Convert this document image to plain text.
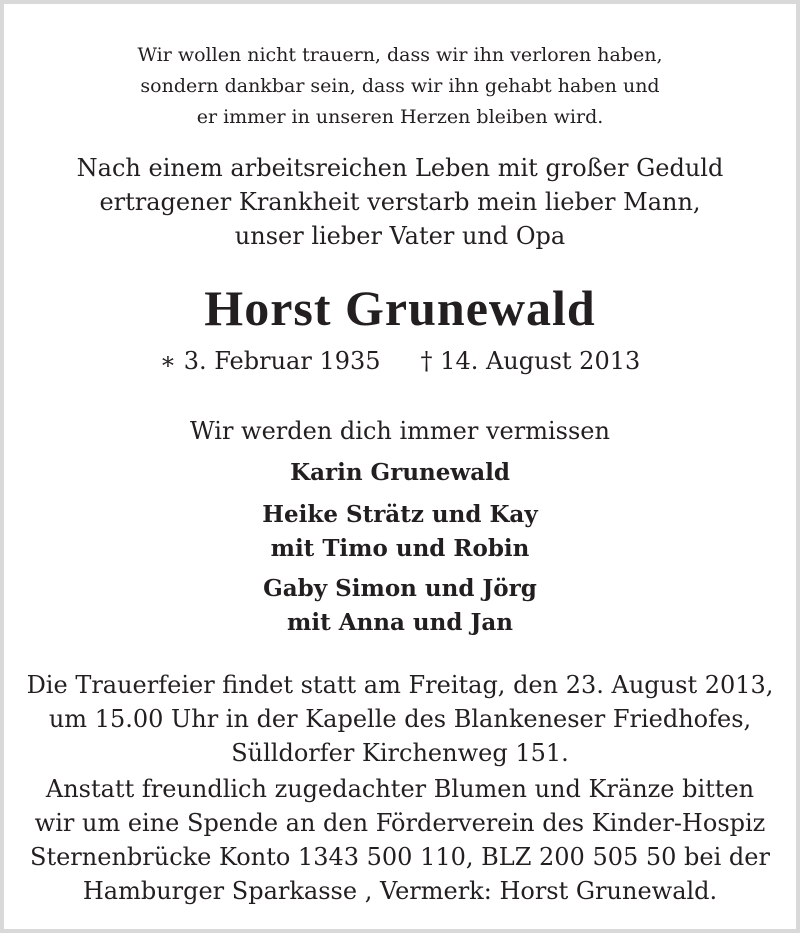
Wir wollen nicht trauern, dass wir ihn verloren haben,
sondern dankbar sein, dass wir ihn gehabt haben und
er immer in unseren Herzen bleiben wird.
Nach einem arbeitsreichen Leben mit großer Geduld
ertragener Krankheit verstarb mein lieber Mann,
unser lieber Vater und Opa
Horst Grunewald
∗ 3. Februar 1935 † 14. August 2013
Wir werden dich immer vermissen
Karin Grunewald
Heike Strätz und Kay
mit Timo und Robin
Gaby Simon und Jörg
mit Anna und Jan
Die Trauerfeier findet statt am Freitag, den 23. August 2013,
um 15.00 Uhr in der Kapelle des Blankeneser Friedhofes,
Sülldorfer Kirchenweg 151.
Anstatt freundlich zugedachter Blumen und Kränze bitten
wir um eine Spende an den Förderverein des Kinder-Hospiz
Sternenbrücke Konto 1343 500 110, BLZ 200 505 50 bei der
Hamburger Sparkasse , Vermerk: Horst Grunewald.
